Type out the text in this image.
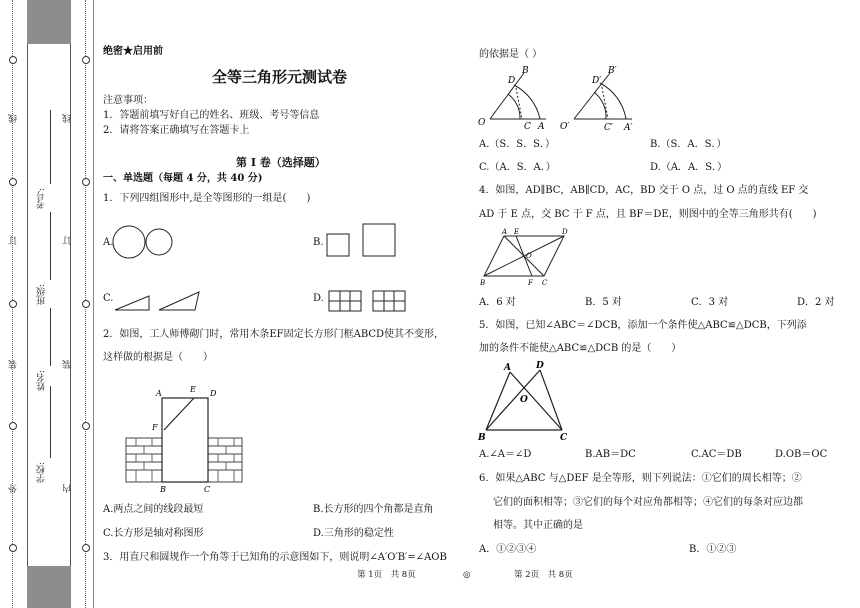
外
装
订
线
内
装
订
线
学校:
姓名:
班级:
考号:
绝密★启用前
全等三角形元测试卷
注意事项：
1．答题前填写好自己的姓名、班级、考号等信息
2．请将答案正确填写在答题卡上
第 I 卷（选择题）
一、单选题（每题 4 分，共 40 分)
1．下列四组图形中,是全等图形的一组是(　　)
A.	B.
C.	D.
2．如图，工人师傅砌门时，常用木条EF固定长方形门框ABCD使其不变形，
这样做的根据是（　　）
A	E D
F
B	C
A.两点之间的线段最短	B.长方形的四个角都是直角
C.长方形是轴对称图形	D.三角形的稳定性
3．用直尺和圆规作一个角等于已知角的示意图如下，则说明∠A′O′B′=∠AOB
第 1页　共 8页	◎
的依据是（ ）
O
D
B
C A O′
D′
B′
C′ A′
A.（S．S．S．）	B.（S．A．S．）
C.（A．S．A．）	D.（A．A．S．）
4．如图，AD∥BC，AB∥CD，AC，BD 交于 O 点，过 O 点的直线 EF 交
AD 于 E 点，交 BC 于 F 点，且 BF＝DE，则图中的全等三角形共有(　　)
A E	D
O
B	F C
A．6 对	B．5 对	C．3 对	D．2 对
5．如图，已知∠ABC＝∠DCB，添加一个条件使△ABC≌△DCB，下列添
加的条件不能使△ABC≌△DCB 的是（　　）
A	D
O
B	C
A.∠A＝∠D	B.AB＝DC	C.AC＝DB	D.OB＝OC
6．如果△ABC 与△DEF 是全等形，则下列说法：①它们的周长相等；②
它们的面积相等；③它们的每个对应角都相等；④它们的每条对应边都
相等。其中正确的是
A．①②③④	B．①②③
第 2页　共 8页
